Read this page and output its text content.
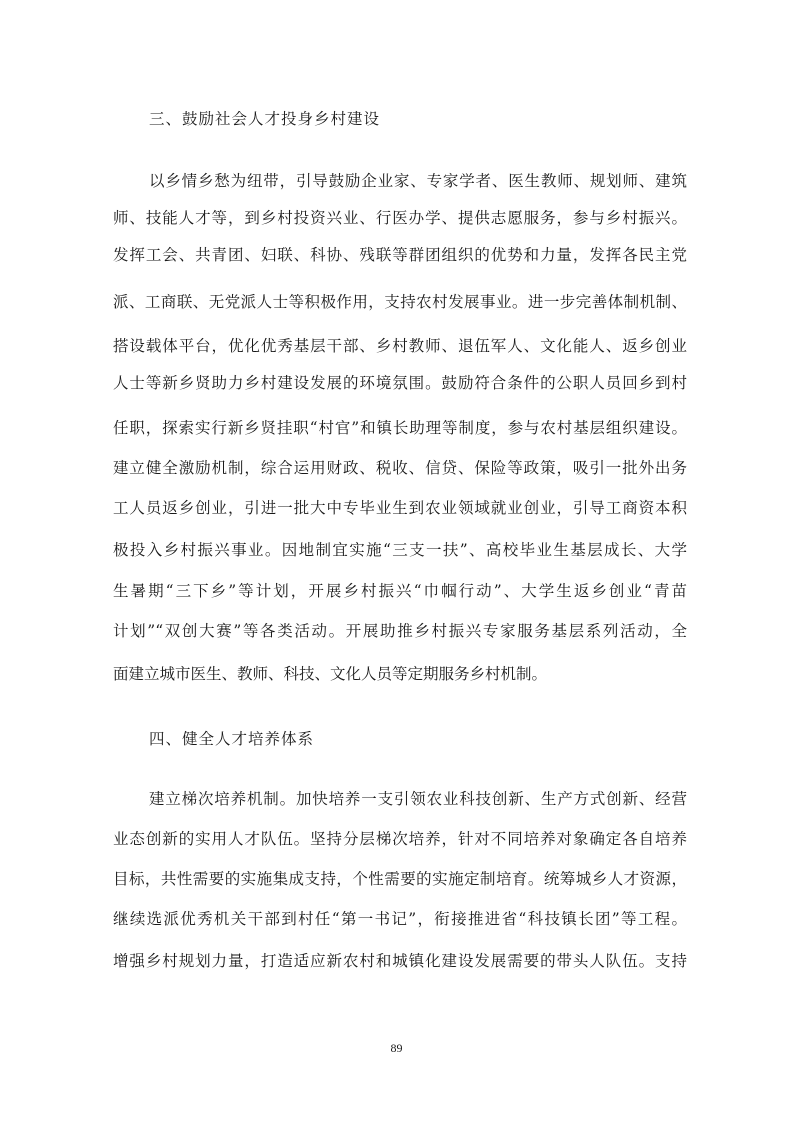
三、鼓励社会人才投身乡村建设
以乡情乡愁为纽带，引导鼓励企业家、专家学者、医生教师、规划师、建筑
师、技能人才等，到乡村投资兴业、行医办学、提供志愿服务，参与乡村振兴。
发挥工会、共青团、妇联、科协、残联等群团组织的优势和力量，发挥各民主党
派、工商联、无党派人士等积极作用，支持农村发展事业。进一步完善体制机制、
搭设载体平台，优化优秀基层干部、乡村教师、退伍军人、文化能人、返乡创业
人士等新乡贤助力乡村建设发展的环境氛围。鼓励符合条件的公职人员回乡到村
任职，探索实行新乡贤挂职“村官”和镇长助理等制度，参与农村基层组织建设。
建立健全激励机制，综合运用财政、税收、信贷、保险等政策，吸引一批外出务
工人员返乡创业，引进一批大中专毕业生到农业领域就业创业，引导工商资本积
极投入乡村振兴事业。因地制宜实施“三支一扶”、高校毕业生基层成长、大学
生暑期“三下乡”等计划，开展乡村振兴“巾帼行动”、大学生返乡创业“青苗
计划”“双创大赛”等各类活动。开展助推乡村振兴专家服务基层系列活动，全
面建立城市医生、教师、科技、文化人员等定期服务乡村机制。
四、健全人才培养体系
建立梯次培养机制。加快培养一支引领农业科技创新、生产方式创新、经营
业态创新的实用人才队伍。坚持分层梯次培养，针对不同培养对象确定各自培养
目标，共性需要的实施集成支持，个性需要的实施定制培育。统筹城乡人才资源，
继续选派优秀机关干部到村任“第一书记”，衔接推进省“科技镇长团”等工程。
增强乡村规划力量，打造适应新农村和城镇化建设发展需要的带头人队伍。支持
89
